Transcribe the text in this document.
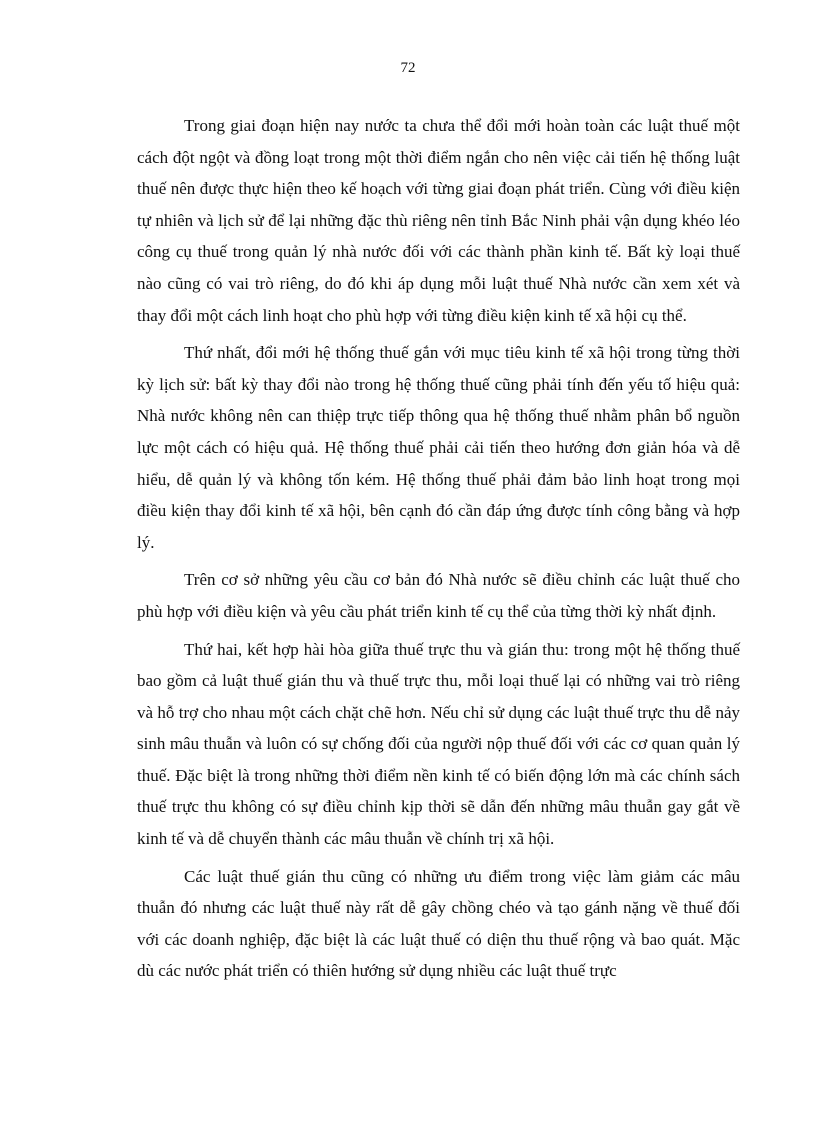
72

Trong giai đoạn hiện nay nước ta chưa thể đổi mới hoàn toàn các luật thuế một cách đột ngột và đồng loạt trong một thời điểm ngắn cho nên việc cải tiến hệ thống luật thuế nên được thực hiện theo kế hoạch với từng giai đoạn phát triển. Cùng với điều kiện tự nhiên và lịch sử để lại những đặc thù riêng nên tỉnh Bắc Ninh phải vận dụng khéo léo công cụ thuế trong quản lý nhà nước đối với các thành phần kinh tế. Bất kỳ loại thuế nào cũng có vai trò riêng, do đó khi áp dụng mỗi luật thuế Nhà nước cần xem xét và thay đổi một cách linh hoạt cho phù hợp với từng điều kiện kinh tế xã hội cụ thể.

Thứ nhất, đổi mới hệ thống thuế gắn với mục tiêu kinh tế xã hội trong từng thời kỳ lịch sử: bất kỳ thay đổi nào trong hệ thống thuế cũng phải tính đến yếu tố hiệu quả: Nhà nước không nên can thiệp trực tiếp thông qua hệ thống thuế nhằm phân bổ nguồn lực một cách có hiệu quả. Hệ thống thuế phải cải tiến theo hướng đơn giản hóa và dễ hiểu, dễ quản lý và không tốn kém. Hệ thống thuế phải đảm bảo linh hoạt trong mọi điều kiện thay đổi kinh tế xã hội, bên cạnh đó cần đáp ứng được tính công bằng và hợp lý.

Trên cơ sở những yêu cầu cơ bản đó Nhà nước sẽ điều chỉnh các luật thuế cho phù hợp với điều kiện và yêu cầu phát triển kinh tế cụ thể của từng thời kỳ nhất định.

Thứ hai, kết hợp hài hòa giữa thuế trực thu và gián thu: trong một hệ thống thuế bao gồm cả luật thuế gián thu và thuế trực thu, mỗi loại thuế lại có những vai trò riêng và hỗ trợ cho nhau một cách chặt chẽ hơn. Nếu chỉ sử dụng các luật thuế trực thu dễ nảy sinh mâu thuẫn và luôn có sự chống đối của người nộp thuế đối với các cơ quan quản lý thuế. Đặc biệt là trong những thời điểm nền kinh tế có biến động lớn mà các chính sách thuế trực thu không có sự điều chỉnh kịp thời sẽ dẫn đến những mâu thuẫn gay gắt về kinh tế và dễ chuyển thành các mâu thuẫn về chính trị xã hội.

Các luật thuế gián thu cũng có những ưu điểm trong việc làm giảm các mâu thuẫn đó nhưng các luật thuế này rất dễ gây chồng chéo và tạo gánh nặng về thuế đối với các doanh nghiệp, đặc biệt là các luật thuế có diện thu thuế rộng và bao quát. Mặc dù các nước phát triển có thiên hướng sử dụng nhiều các luật thuế trực
